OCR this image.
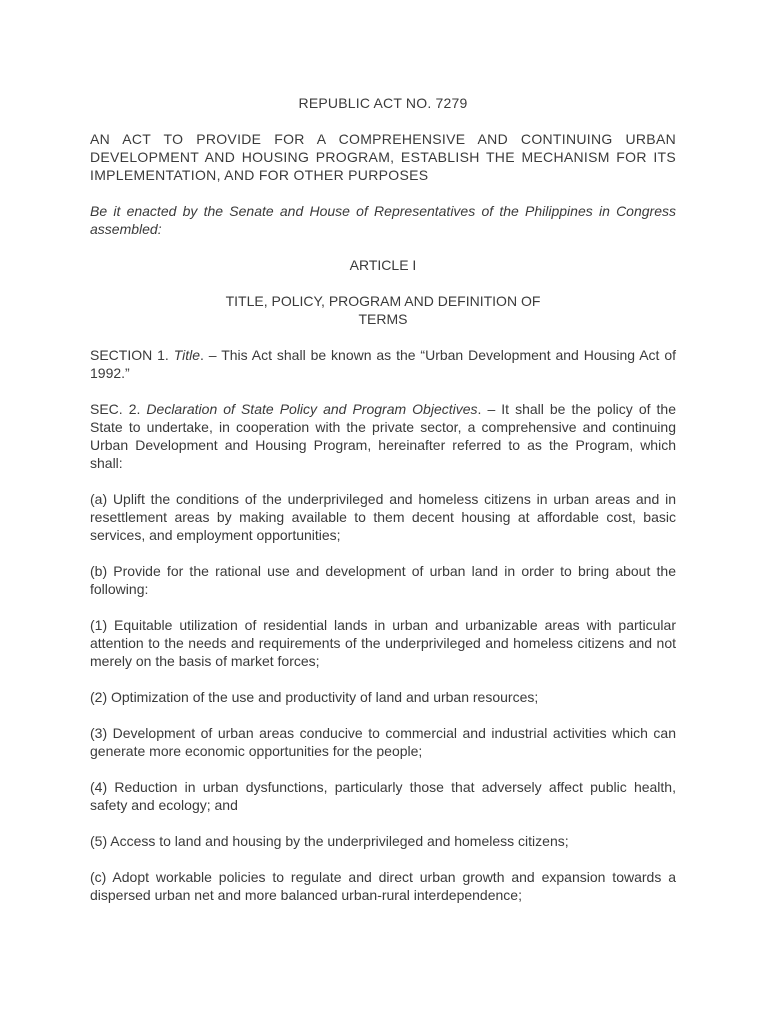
REPUBLIC ACT NO. 7279

AN ACT TO PROVIDE FOR A COMPREHENSIVE AND CONTINUING URBAN DEVELOPMENT AND HOUSING PROGRAM, ESTABLISH THE MECHANISM FOR ITS IMPLEMENTATION, AND FOR OTHER PURPOSES

Be it enacted by the Senate and House of Representatives of the Philippines in Congress assembled:

ARTICLE I

TITLE, POLICY, PROGRAM AND DEFINITION OF
TERMS

SECTION 1. Title. – This Act shall be known as the “Urban Development and Housing Act of 1992.”

SEC. 2. Declaration of State Policy and Program Objectives. – It shall be the policy of the State to undertake, in cooperation with the private sector, a comprehensive and continuing Urban Development and Housing Program, hereinafter referred to as the Program, which shall:

(a) Uplift the conditions of the underprivileged and homeless citizens in urban areas and in resettlement areas by making available to them decent housing at affordable cost, basic services, and employment opportunities;

(b) Provide for the rational use and development of urban land in order to bring about the following:

(1) Equitable utilization of residential lands in urban and urbanizable areas with particular attention to the needs and requirements of the underprivileged and homeless citizens and not merely on the basis of market forces;

(2) Optimization of the use and productivity of land and urban resources;

(3) Development of urban areas conducive to commercial and industrial activities which can generate more economic opportunities for the people;

(4) Reduction in urban dysfunctions, particularly those that adversely affect public health, safety and ecology; and

(5) Access to land and housing by the underprivileged and homeless citizens;

(c) Adopt workable policies to regulate and direct urban growth and expansion towards a dispersed urban net and more balanced urban-rural interdependence;
